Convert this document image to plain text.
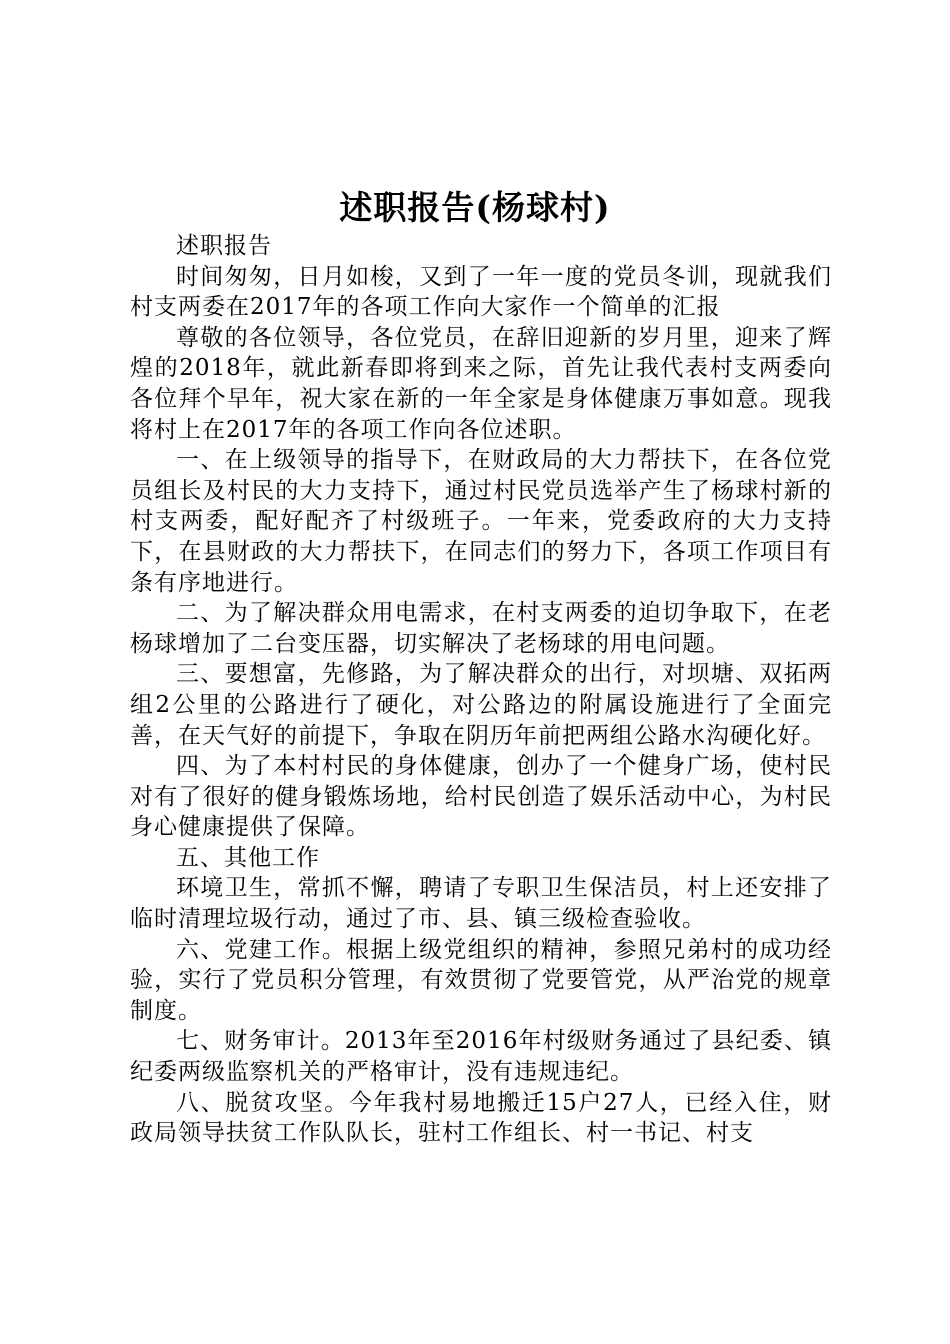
述职报告(杨球村)

述职报告

时间匆匆，日月如梭，又到了一年一度的党员冬训，现就我们村支两委在2017年的各项工作向大家作一个简单的汇报

尊敬的各位领导，各位党员，在辞旧迎新的岁月里，迎来了辉煌的2018年，就此新春即将到来之际，首先让我代表村支两委向各位拜个早年，祝大家在新的一年全家是身体健康万事如意。现我将村上在2017年的各项工作向各位述职。

一、在上级领导的指导下，在财政局的大力帮扶下，在各位党员组长及村民的大力支持下，通过村民党员选举产生了杨球村新的村支两委，配好配齐了村级班子。一年来，党委政府的大力支持下，在县财政的大力帮扶下，在同志们的努力下，各项工作项目有条有序地进行。

二、为了解决群众用电需求，在村支两委的迫切争取下，在老杨球增加了二台变压器，切实解决了老杨球的用电问题。

三、要想富，先修路，为了解决群众的出行，对坝塘、双拓两组2公里的公路进行了硬化，对公路边的附属设施进行了全面完善，在天气好的前提下，争取在阴历年前把两组公路水沟硬化好。

四、为了本村村民的身体健康，创办了一个健身广场，使村民对有了很好的健身锻炼场地，给村民创造了娱乐活动中心，为村民身心健康提供了保障。

五、其他工作

环境卫生，常抓不懈，聘请了专职卫生保洁员，村上还安排了临时清理垃圾行动，通过了市、县、镇三级检查验收。

六、党建工作。根据上级党组织的精神，参照兄弟村的成功经验，实行了党员积分管理，有效贯彻了党要管党，从严治党的规章制度。

七、财务审计。2013年至2016年村级财务通过了县纪委、镇纪委两级监察机关的严格审计，没有违规违纪。

八、脱贫攻坚。今年我村易地搬迁15户27人，已经入住，财政局领导扶贫工作队队长，驻村工作组长、村一书记、村支
